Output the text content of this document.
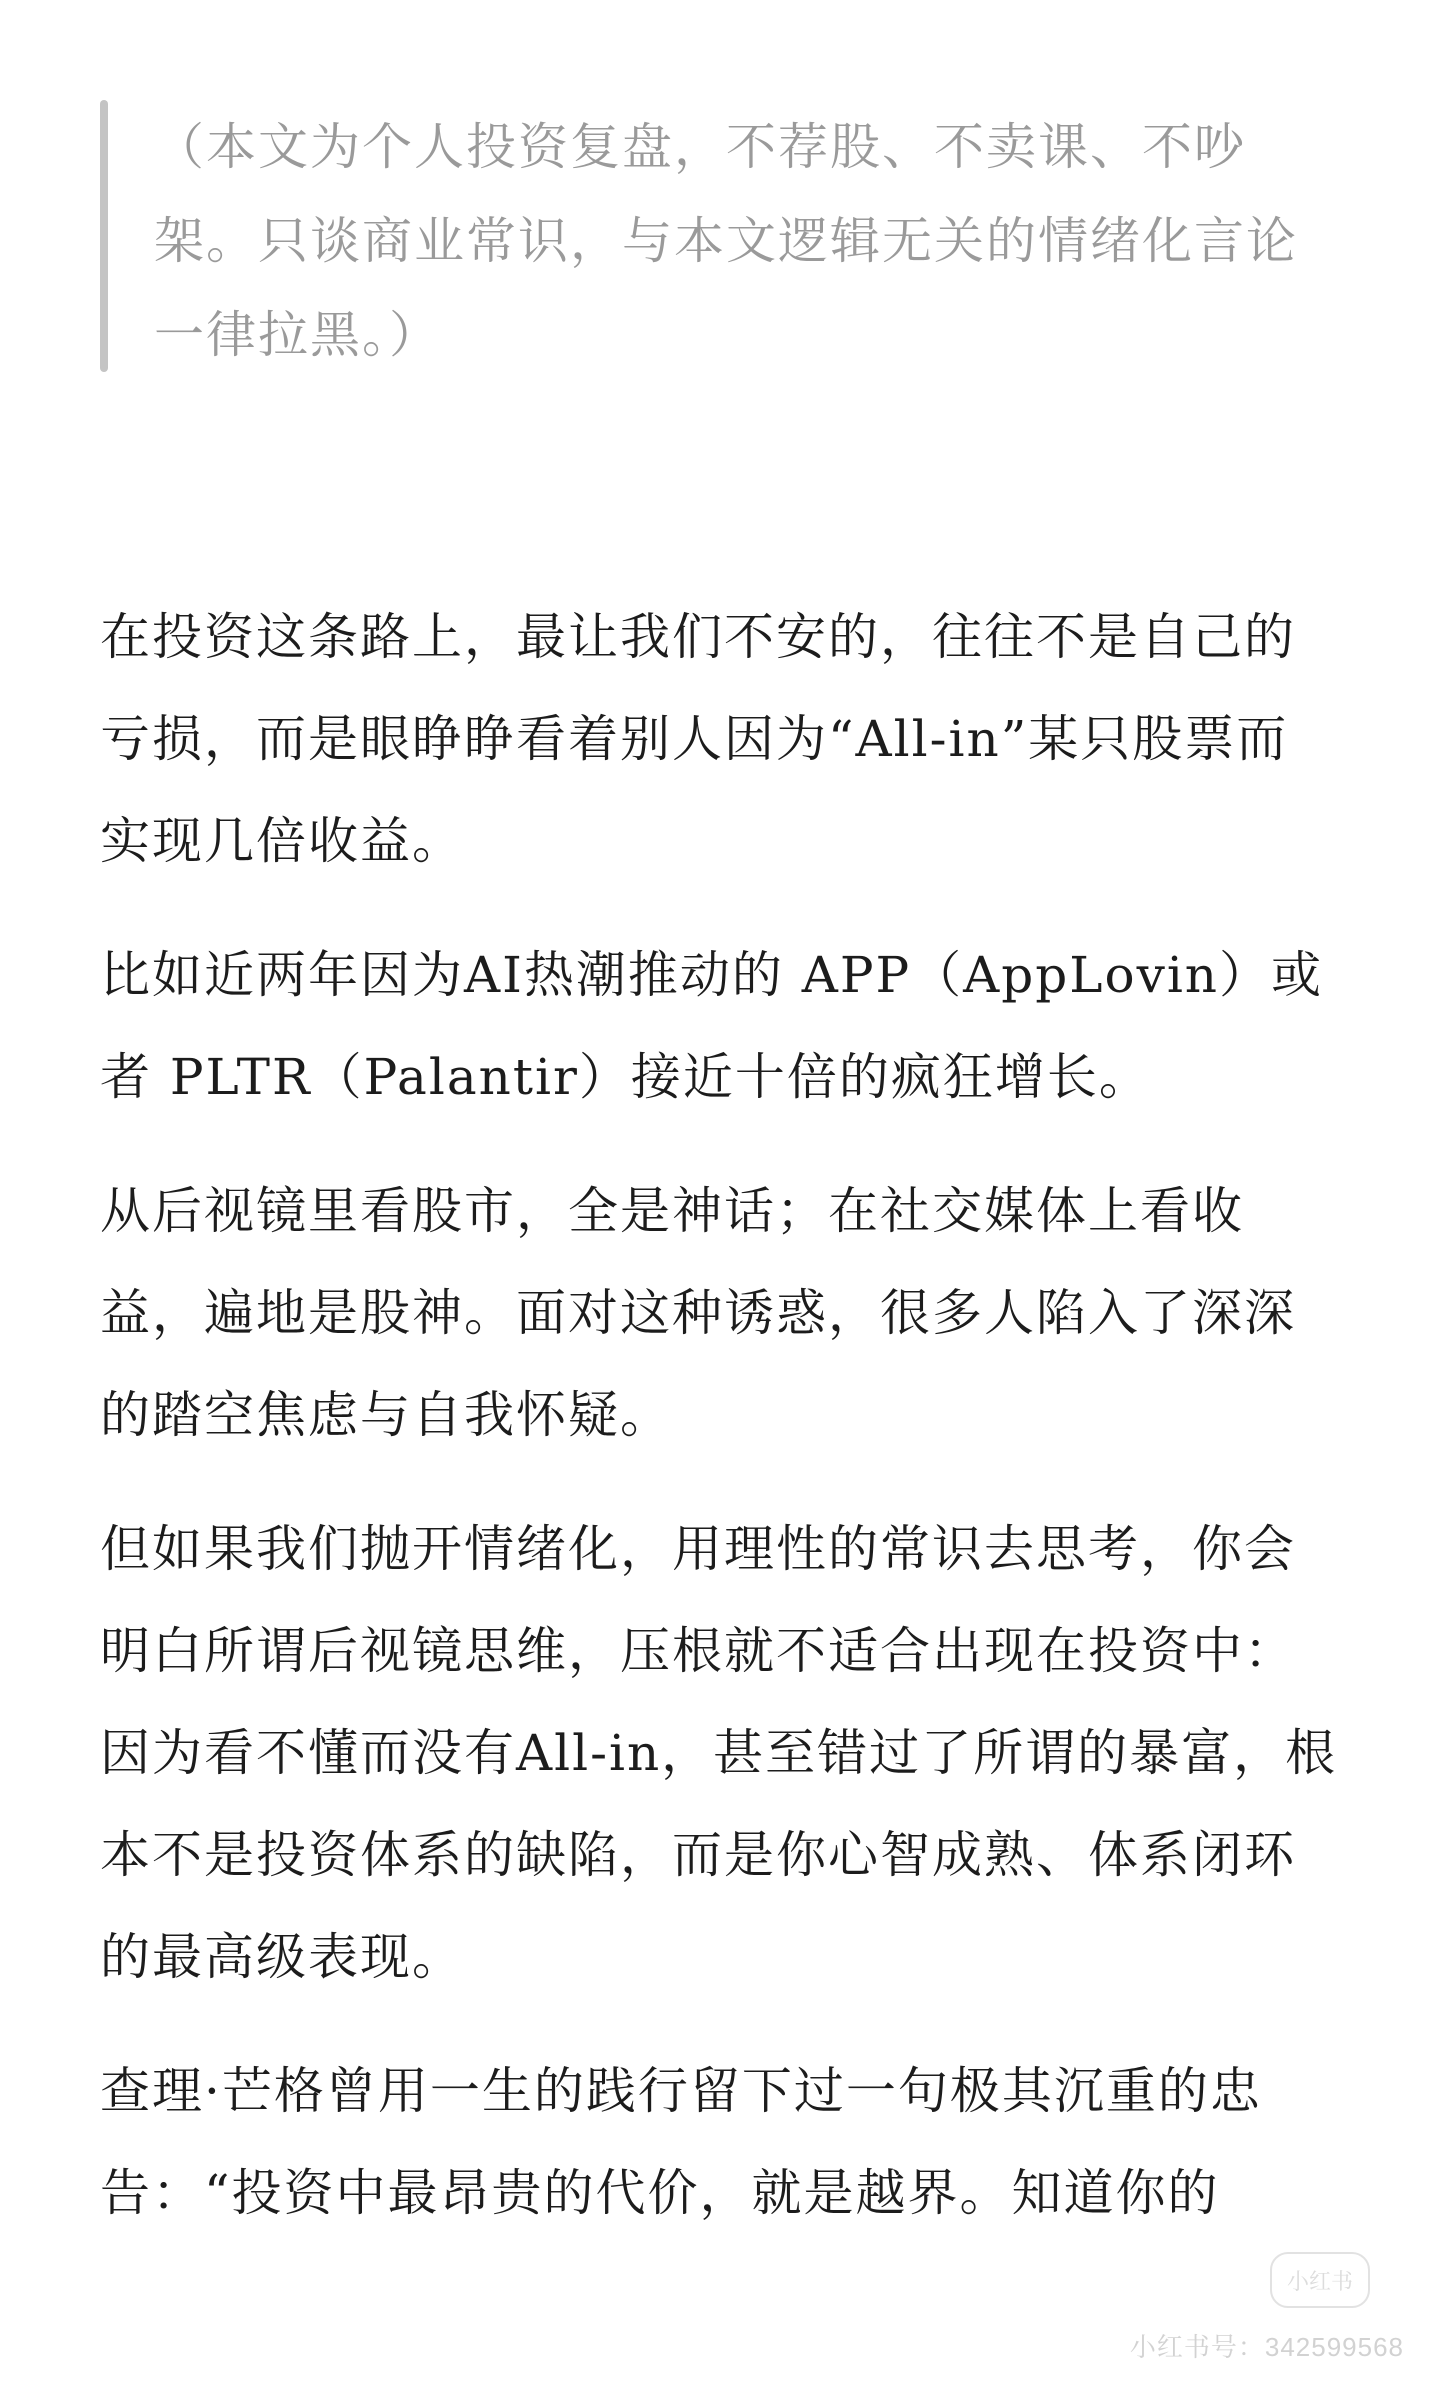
（本文为个人投资复盘，不荐股、不卖课、不吵架。只谈商业常识，与本文逻辑无关的情绪化言论一律拉黑。）

在投资这条路上，最让我们不安的，往往不是自己的亏损，而是眼睁睁看着别人因为“All-in”某只股票而实现几倍收益。

比如近两年因为AI热潮推动的 APP（AppLovin）或者 PLTR（Palantir）接近十倍的疯狂增长。

从后视镜里看股市，全是神话；在社交媒体上看收益，遍地是股神。面对这种诱惑，很多人陷入了深深的踏空焦虑与自我怀疑。

但如果我们抛开情绪化，用理性的常识去思考，你会明白所谓后视镜思维，压根就不适合出现在投资中：因为看不懂而没有All-in，甚至错过了所谓的暴富，根本不是投资体系的缺陷，而是你心智成熟、体系闭环的最高级表现。

查理·芒格曾用一生的践行留下过一句极其沉重的忠告：“投资中最昂贵的代价，就是越界。知道你的

小红书
小红书号：342599568
